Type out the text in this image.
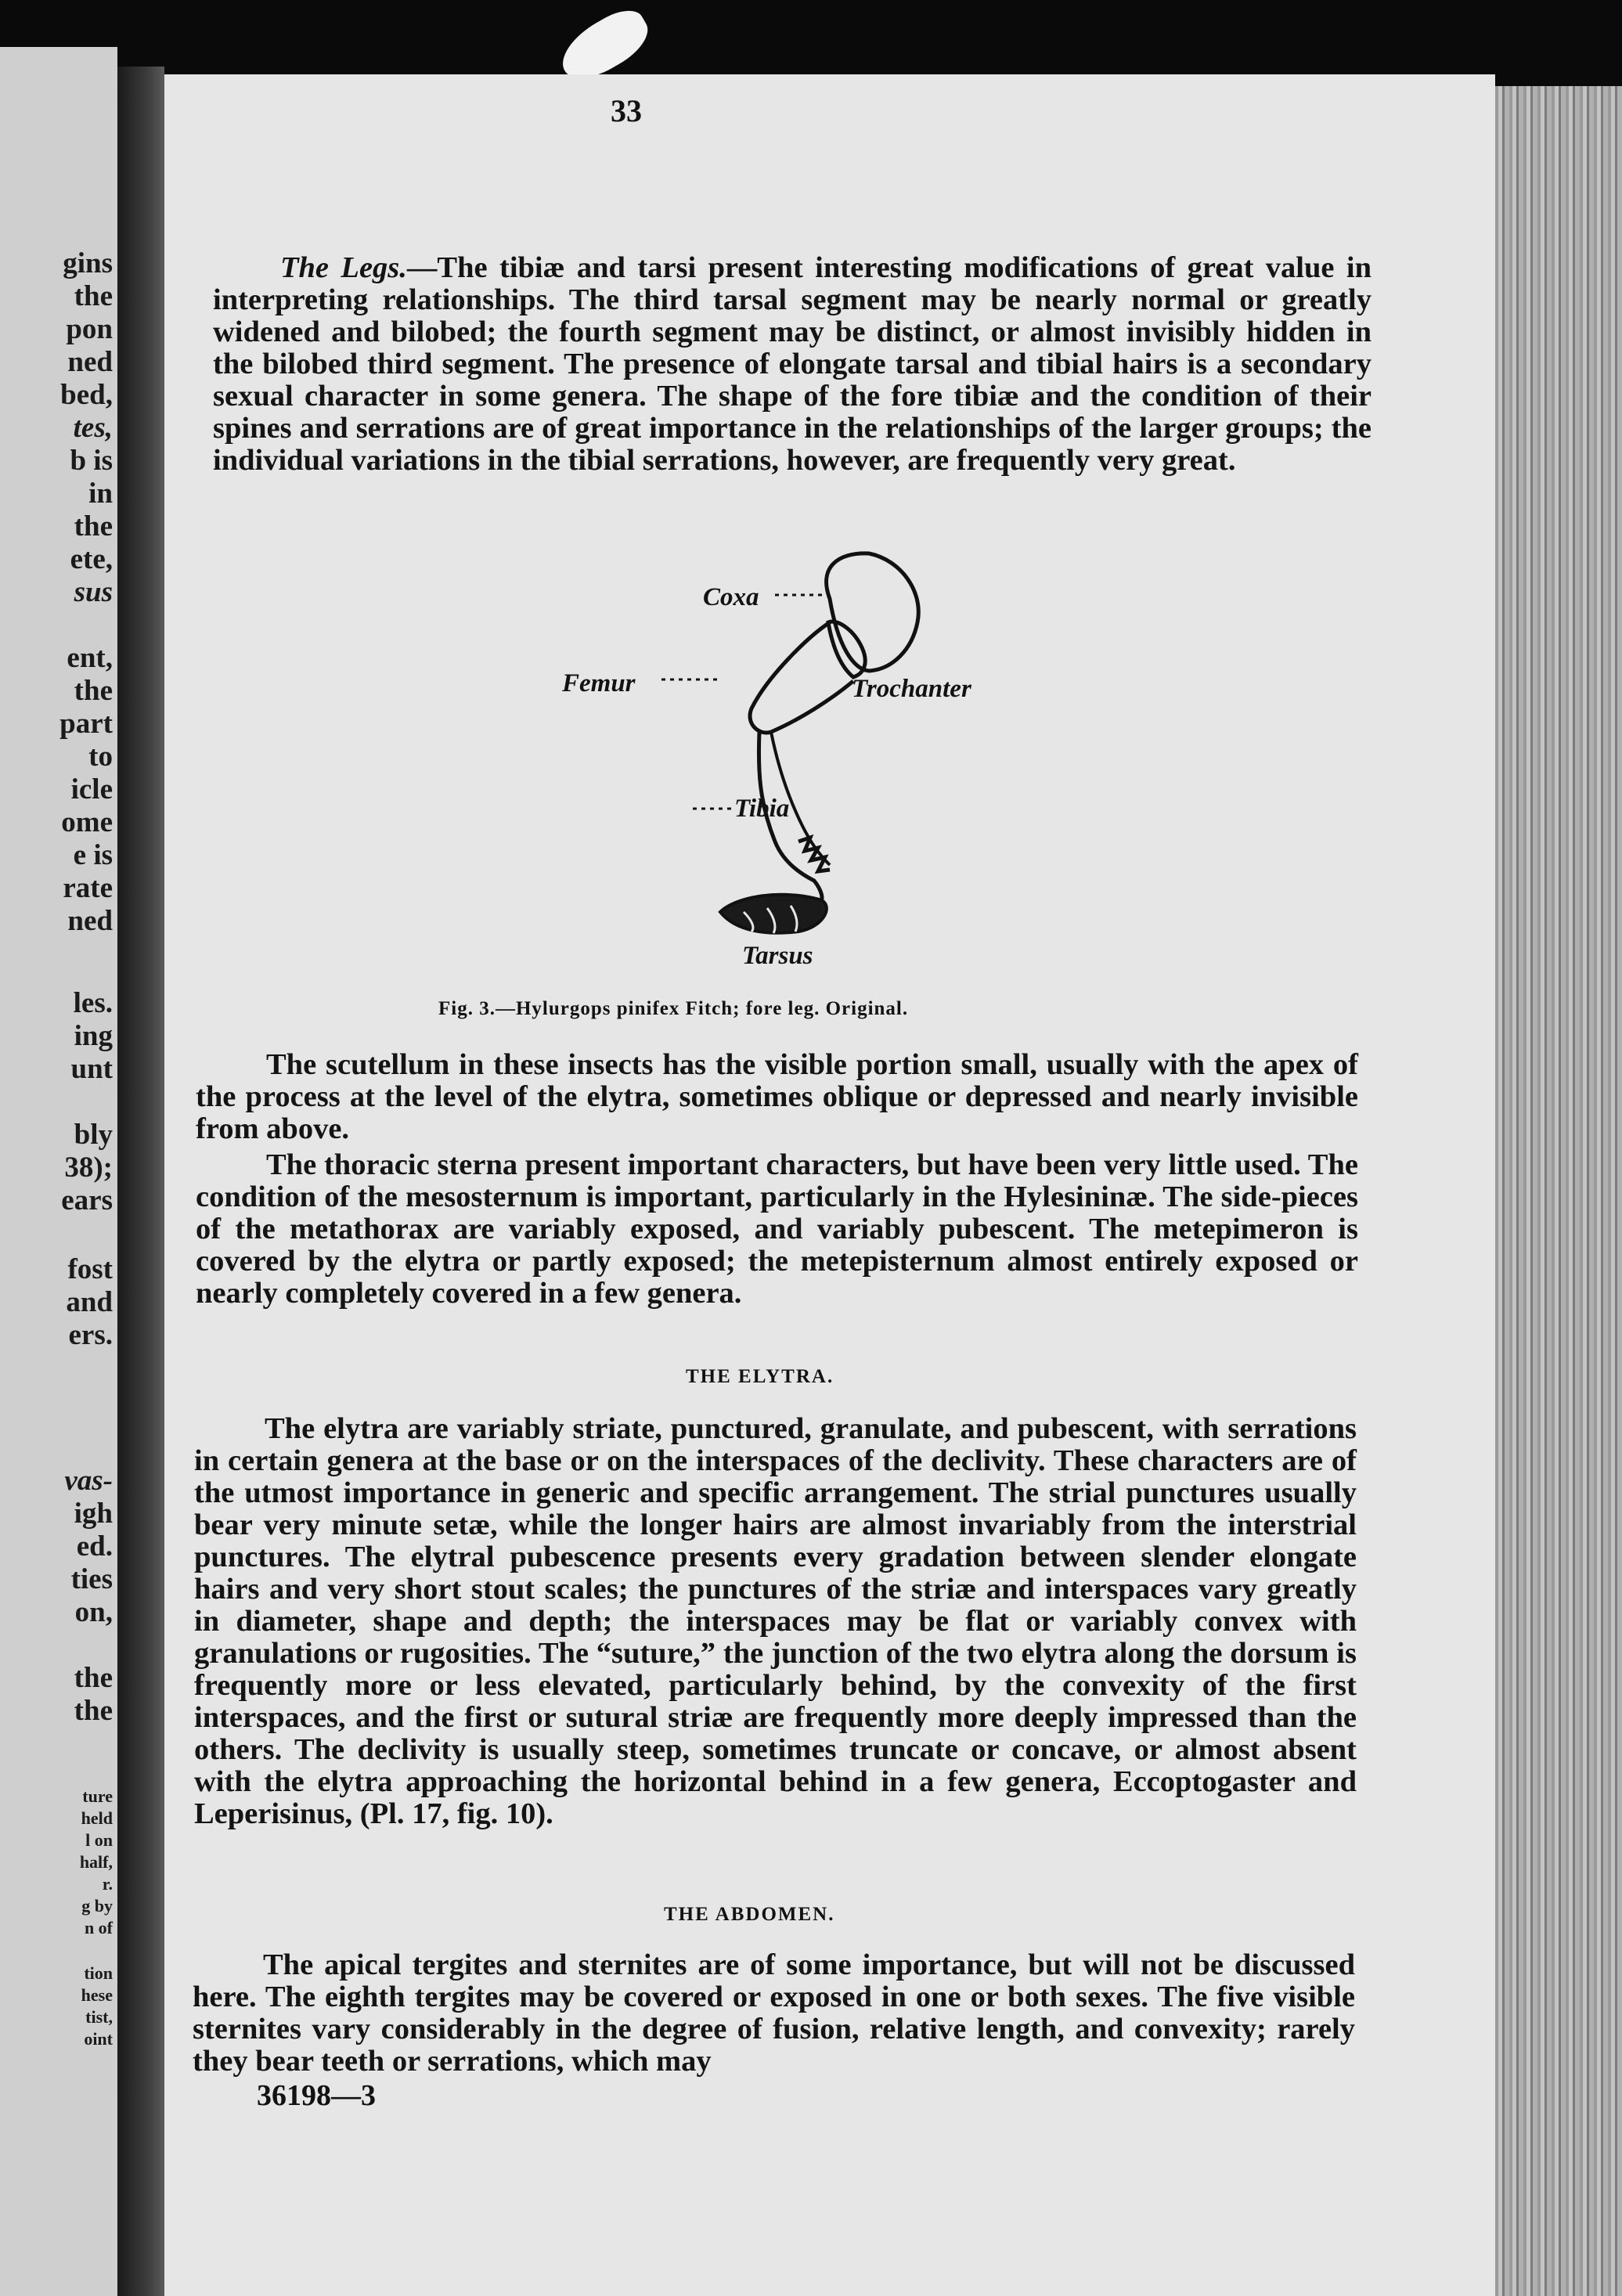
gins

the

pon

ned

bed,

tes,

b is

in

the

ete,

sus

ent,

the

part

to

icle

ome

e is

rate

ned

les.

ing

unt

bly

38);

ears

fost

and

ers.

vas-

igh

ed.

ties

on,

the

the

ture

held

l on

half,

r.

g by

n of

tion

hese

tist,

oint

33

The Legs.—The tibiæ and tarsi present interesting modifications of great value in interpreting relationships. The third tarsal segment may be nearly normal or greatly widened and bilobed; the fourth segment may be distinct, or almost invisibly hidden in the bilobed third segment. The presence of elongate tarsal and tibial hairs is a secondary sexual character in some genera. The shape of the fore tibiæ and the condition of their spines and serrations are of great importance in the relationships of the larger groups; the individual variations in the tibial serrations, however, are frequently very great.

Coxa

Femur	Trochanter

Tibia

Tarsus

Fig. 3.—Hylurgops pinifex Fitch; fore leg. Original.

The scutellum in these insects has the visible portion small, usually with the apex of the process at the level of the elytra, sometimes oblique or depressed and nearly invisible from above.

The thoracic sterna present important characters, but have been very little used. The condition of the mesosternum is important, particularly in the Hylesininæ. The side-pieces of the metathorax are variably exposed, and variably pubescent. The metepimeron is covered by the elytra or partly exposed; the metepisternum almost entirely exposed or nearly completely covered in a few genera.

THE ELYTRA.

The elytra are variably striate, punctured, granulate, and pubescent, with serrations in certain genera at the base or on the interspaces of the declivity. These characters are of the utmost importance in generic and specific arrangement. The strial punctures usually bear very minute setæ, while the longer hairs are almost invariably from the interstrial punctures. The elytral pubescence presents every gradation between slender elongate hairs and very short stout scales; the punctures of the striæ and interspaces vary greatly in diameter, shape and depth; the interspaces may be flat or variably convex with granulations or rugosities. The “suture,” the junction of the two elytra along the dorsum is frequently more or less elevated, particularly behind, by the convexity of the first interspaces, and the first or sutural striæ are frequently more deeply impressed than the others. The declivity is usually steep, sometimes truncate or concave, or almost absent with the elytra approaching the horizontal behind in a few genera, Eccoptogaster and Leperisinus, (Pl. 17, fig. 10).

THE ABDOMEN.

The apical tergites and sternites are of some importance, but will not be discussed here. The eighth tergites may be covered or exposed in one or both sexes. The five visible sternites vary considerably in the degree of fusion, relative length, and convexity; rarely they bear teeth or serrations, which may

36198—3
